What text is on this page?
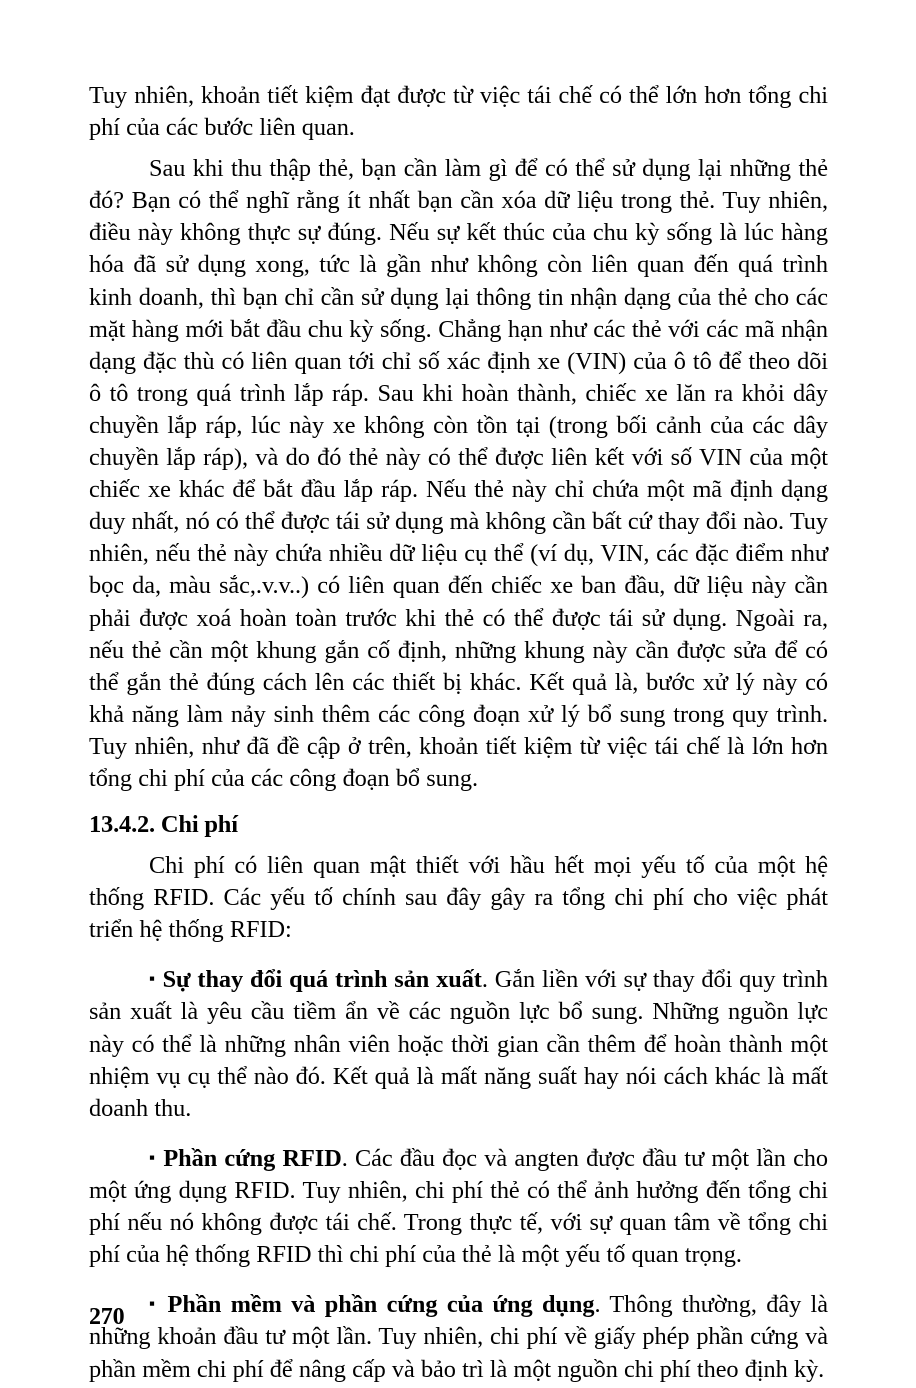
Tuy nhiên, khoản tiết kiệm đạt được từ việc tái chế có thể lớn hơn tổng chi phí của các bước liên quan.

Sau khi thu thập thẻ, bạn cần làm gì để có thể sử dụng lại những thẻ đó? Bạn có thể nghĩ rằng ít nhất bạn cần xóa dữ liệu trong thẻ. Tuy nhiên, điều này không thực sự đúng. Nếu sự kết thúc của chu kỳ sống là lúc hàng hóa đã sử dụng xong, tức là gần như không còn liên quan đến quá trình kinh doanh, thì bạn chỉ cần sử dụng lại thông tin nhận dạng của thẻ cho các mặt hàng mới bắt đầu chu kỳ sống. Chẳng hạn như các thẻ với các mã nhận dạng đặc thù có liên quan tới chỉ số xác định xe (VIN) của ô tô để theo dõi ô tô trong quá trình lắp ráp. Sau khi hoàn thành, chiếc xe lăn ra khỏi dây chuyền lắp ráp, lúc này xe không còn tồn tại (trong bối cảnh của các dây chuyền lắp ráp), và do đó thẻ này có thể được liên kết với số VIN của một chiếc xe khác để bắt đầu lắp ráp. Nếu thẻ này chỉ chứa một mã định dạng duy nhất, nó có thể được tái sử dụng mà không cần bất cứ thay đổi nào. Tuy nhiên, nếu thẻ này chứa nhiều dữ liệu cụ thể (ví dụ, VIN, các đặc điểm như bọc da, màu sắc,.v.v..) có liên quan đến chiếc xe ban đầu, dữ liệu này cần phải được xoá hoàn toàn trước khi thẻ có thể được tái sử dụng. Ngoài ra, nếu thẻ cần một khung gắn cố định, những khung này cần được sửa để có thể gắn thẻ đúng cách lên các thiết bị khác. Kết quả là, bước xử lý này có khả năng làm nảy sinh thêm các công đoạn xử lý bổ sung trong quy trình. Tuy nhiên, như đã đề cập ở trên, khoản tiết kiệm từ việc tái chế là lớn hơn tổng chi phí của các công đoạn bổ sung.

13.4.2. Chi phí

Chi phí có liên quan mật thiết với hầu hết mọi yếu tố của một hệ thống RFID. Các yếu tố chính sau đây gây ra tổng chi phí cho việc phát triển hệ thống RFID:

▪ Sự thay đổi quá trình sản xuất. Gắn liền với sự thay đổi quy trình sản xuất là yêu cầu tiềm ẩn về các nguồn lực bổ sung. Những nguồn lực này có thể là những nhân viên hoặc thời gian cần thêm để hoàn thành một nhiệm vụ cụ thể nào đó. Kết quả là mất năng suất hay nói cách khác là mất doanh thu.

▪ Phần cứng RFID. Các đầu đọc và angten được đầu tư một lần cho một ứng dụng RFID. Tuy nhiên, chi phí thẻ có thể ảnh hưởng đến tổng chi phí nếu nó không được tái chế. Trong thực tế, với sự quan tâm về tổng chi phí của hệ thống RFID thì chi phí của thẻ là một yếu tố quan trọng.

▪ Phần mềm và phần cứng của ứng dụng. Thông thường, đây là những khoản đầu tư một lần. Tuy nhiên, chi phí về giấy phép phần cứng và phần mềm chi phí để nâng cấp và bảo trì là một nguồn chi phí theo định kỳ.

270
